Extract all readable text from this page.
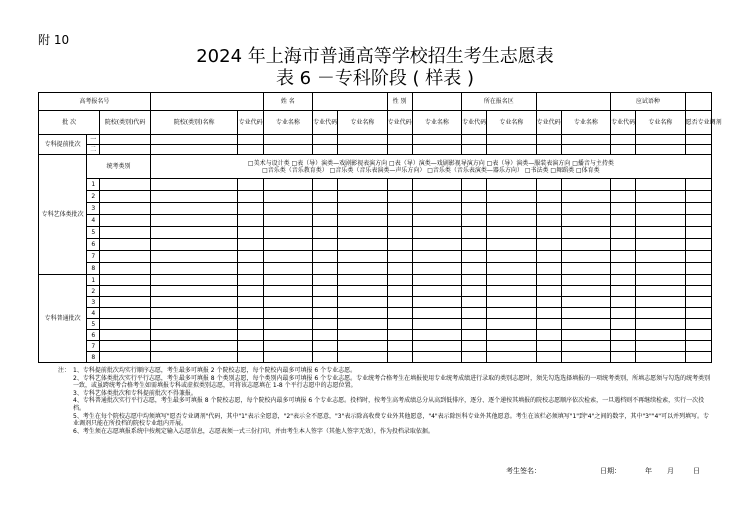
附 10
2024 年上海市普通高等学校招生考生志愿表
表 6 －专科阶段 ( 样表 )
高考报名号					姓 名			性 别		所在报名区				应试语种		
批 次		院校(类别)代码	院校(类别)名称	专业代码	专业名称	专业代码	专业名称	专业代码	专业名称	专业代码	专业名称	专业代码	专业名称	专业代码	专业名称	愿否专业调剂
专科提前批次	一															
	二															
专科艺体类批次	统考类别		□美术与设计类 □表（导）演类—戏剧影视表演方向 □表（导）演类—戏剧影视导演方向 □表（导）演类—服装表演方向 □播音与主持类
□音乐类（音乐教育类） □音乐类（音乐表演类—声乐方向） □音乐类（音乐表演类—器乐方向） □书法类 □舞蹈类 □体育类													

	1															
	2															
	3															
	4															
	5															
	6															
	7															
	8															
专科普通批次	1															
	2															
	3															
	4															
	5															
	6															
	7															
	8															
注： 1、专科提前批次均实行顺序志愿，考生最多可填报 2 个院校志愿，每个院校内最多可填报 6 个专业志愿。
2、专科艺体类批次实行平行志愿，考生最多可填报 8 个类别志愿，每个类别内最多可填报 6 个专业志愿。专业统考合格考生在填报使用专业统考成绩进行录取的类别志愿时，须先勾选选择填报的一项统考类别，所填志愿须与勾选的统考类别一致，或虽跨统考合格考生如需填报专科或虚拟类别志愿，可将该志愿填在 1-8 个平行志愿中的志愿位置。
3、专科艺体类批次和专科提前批次不得兼报。
4、专科普通批次实行平行志愿，考生最多可填报 8 个院校志愿，每个院校内最多可填报 6 个专业志愿。投档时，按考生高考成绩总分从高到低排序，逐分、逐个递按其填报的院校志愿顺序依次检索，一旦遇档则不再继续检索，实行一次投档。
5、考生在每个院校志愿中均须填写"愿否专业调剂"代码，其中"1"表示全愿意，"2"表示全不愿意，"3"表示除高收费专业外其他愿意，"4"表示除医科专业外其他愿意。考生在该栏必须填写"1"到"4"之间的数字，其中"3""4"可以并列填写。专业调剂只能在所投档的院校专业组内开展。
6、考生须在志愿填报系统中按规定输入志愿信息，志愿表须一式三份打印，并由考生本人签字（其他人签字无效），作为投档录取依据。
考生签名：	日期：	年 月	日
